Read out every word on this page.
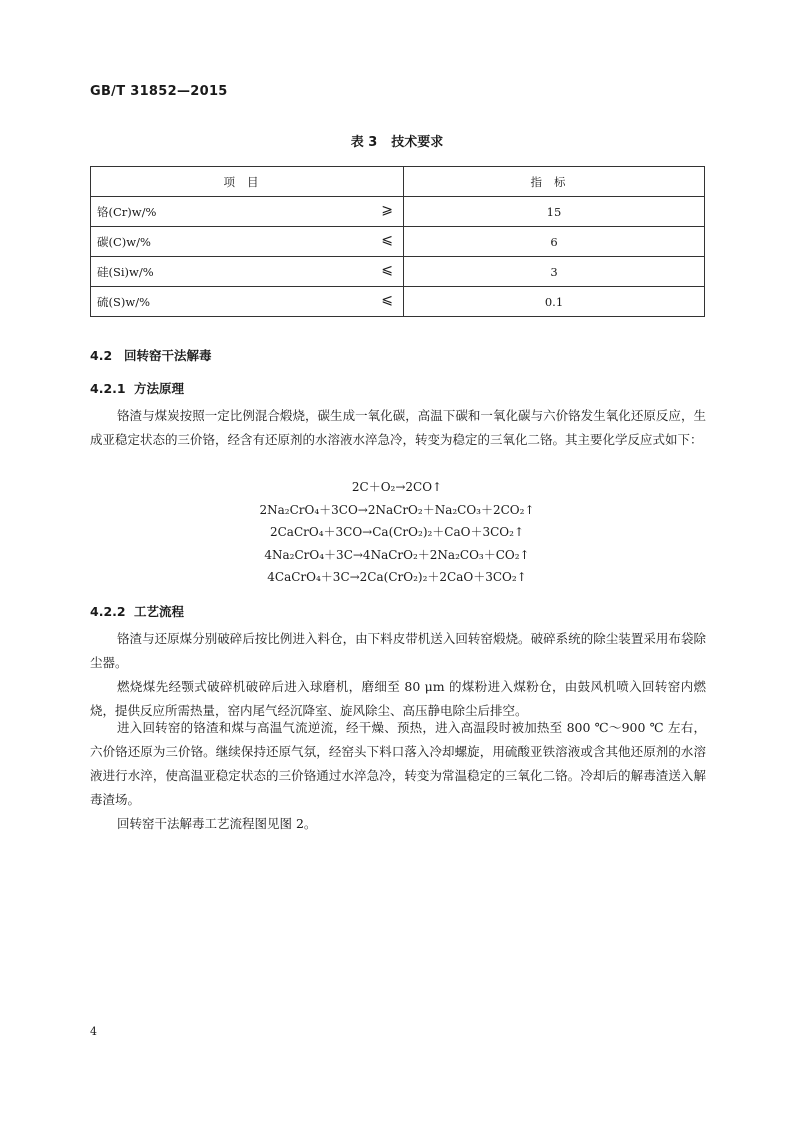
GB/T 31852—2015
表 3 技术要求
项目	指标

铬(Cr)w/% ⩾	15

碳(C)w/% ⩽	6

硅(Si)w/% ⩽	3

硫(S)w/% ⩽	0.1
4.2 回转窑干法解毒
4.2.1 方法原理

铬渣与煤炭按照一定比例混合煅烧，碳生成一氧化碳，高温下碳和一氧化碳与六价铬发生氧化还原反应，生成亚稳定状态的三价铬，经含有还原剂的水溶液水淬急冷，转变为稳定的三氧化二铬。其主要化学反应式如下：

2C＋O₂→2CO↑
2Na₂CrO₄＋3CO→2NaCrO₂＋Na₂CO₃＋2CO₂↑
2CaCrO₄＋3CO→Ca(CrO₂)₂＋CaO＋3CO₂↑
4Na₂CrO₄＋3C→4NaCrO₂＋2Na₂CO₃＋CO₂↑
4CaCrO₄＋3C→2Ca(CrO₂)₂＋2CaO＋3CO₂↑
4.2.2 工艺流程

铬渣与还原煤分别破碎后按比例进入料仓，由下料皮带机送入回转窑煅烧。破碎系统的除尘装置采用布袋除尘器。

燃烧煤先经颚式破碎机破碎后进入球磨机，磨细至 80 μm 的煤粉进入煤粉仓，由鼓风机喷入回转窑内燃烧，提供反应所需热量，窑内尾气经沉降室、旋风除尘、高压静电除尘后排空。

进入回转窑的铬渣和煤与高温气流逆流，经干燥、预热，进入高温段时被加热至 800 ℃～900 ℃ 左右，六价铬还原为三价铬。继续保持还原气氛，经窑头下料口落入冷却螺旋，用硫酸亚铁溶液或含其他还原剂的水溶液进行水淬，使高温亚稳定状态的三价铬通过水淬急冷，转变为常温稳定的三氧化二铬。冷却后的解毒渣送入解毒渣场。

回转窑干法解毒工艺流程图见图 2。

4
